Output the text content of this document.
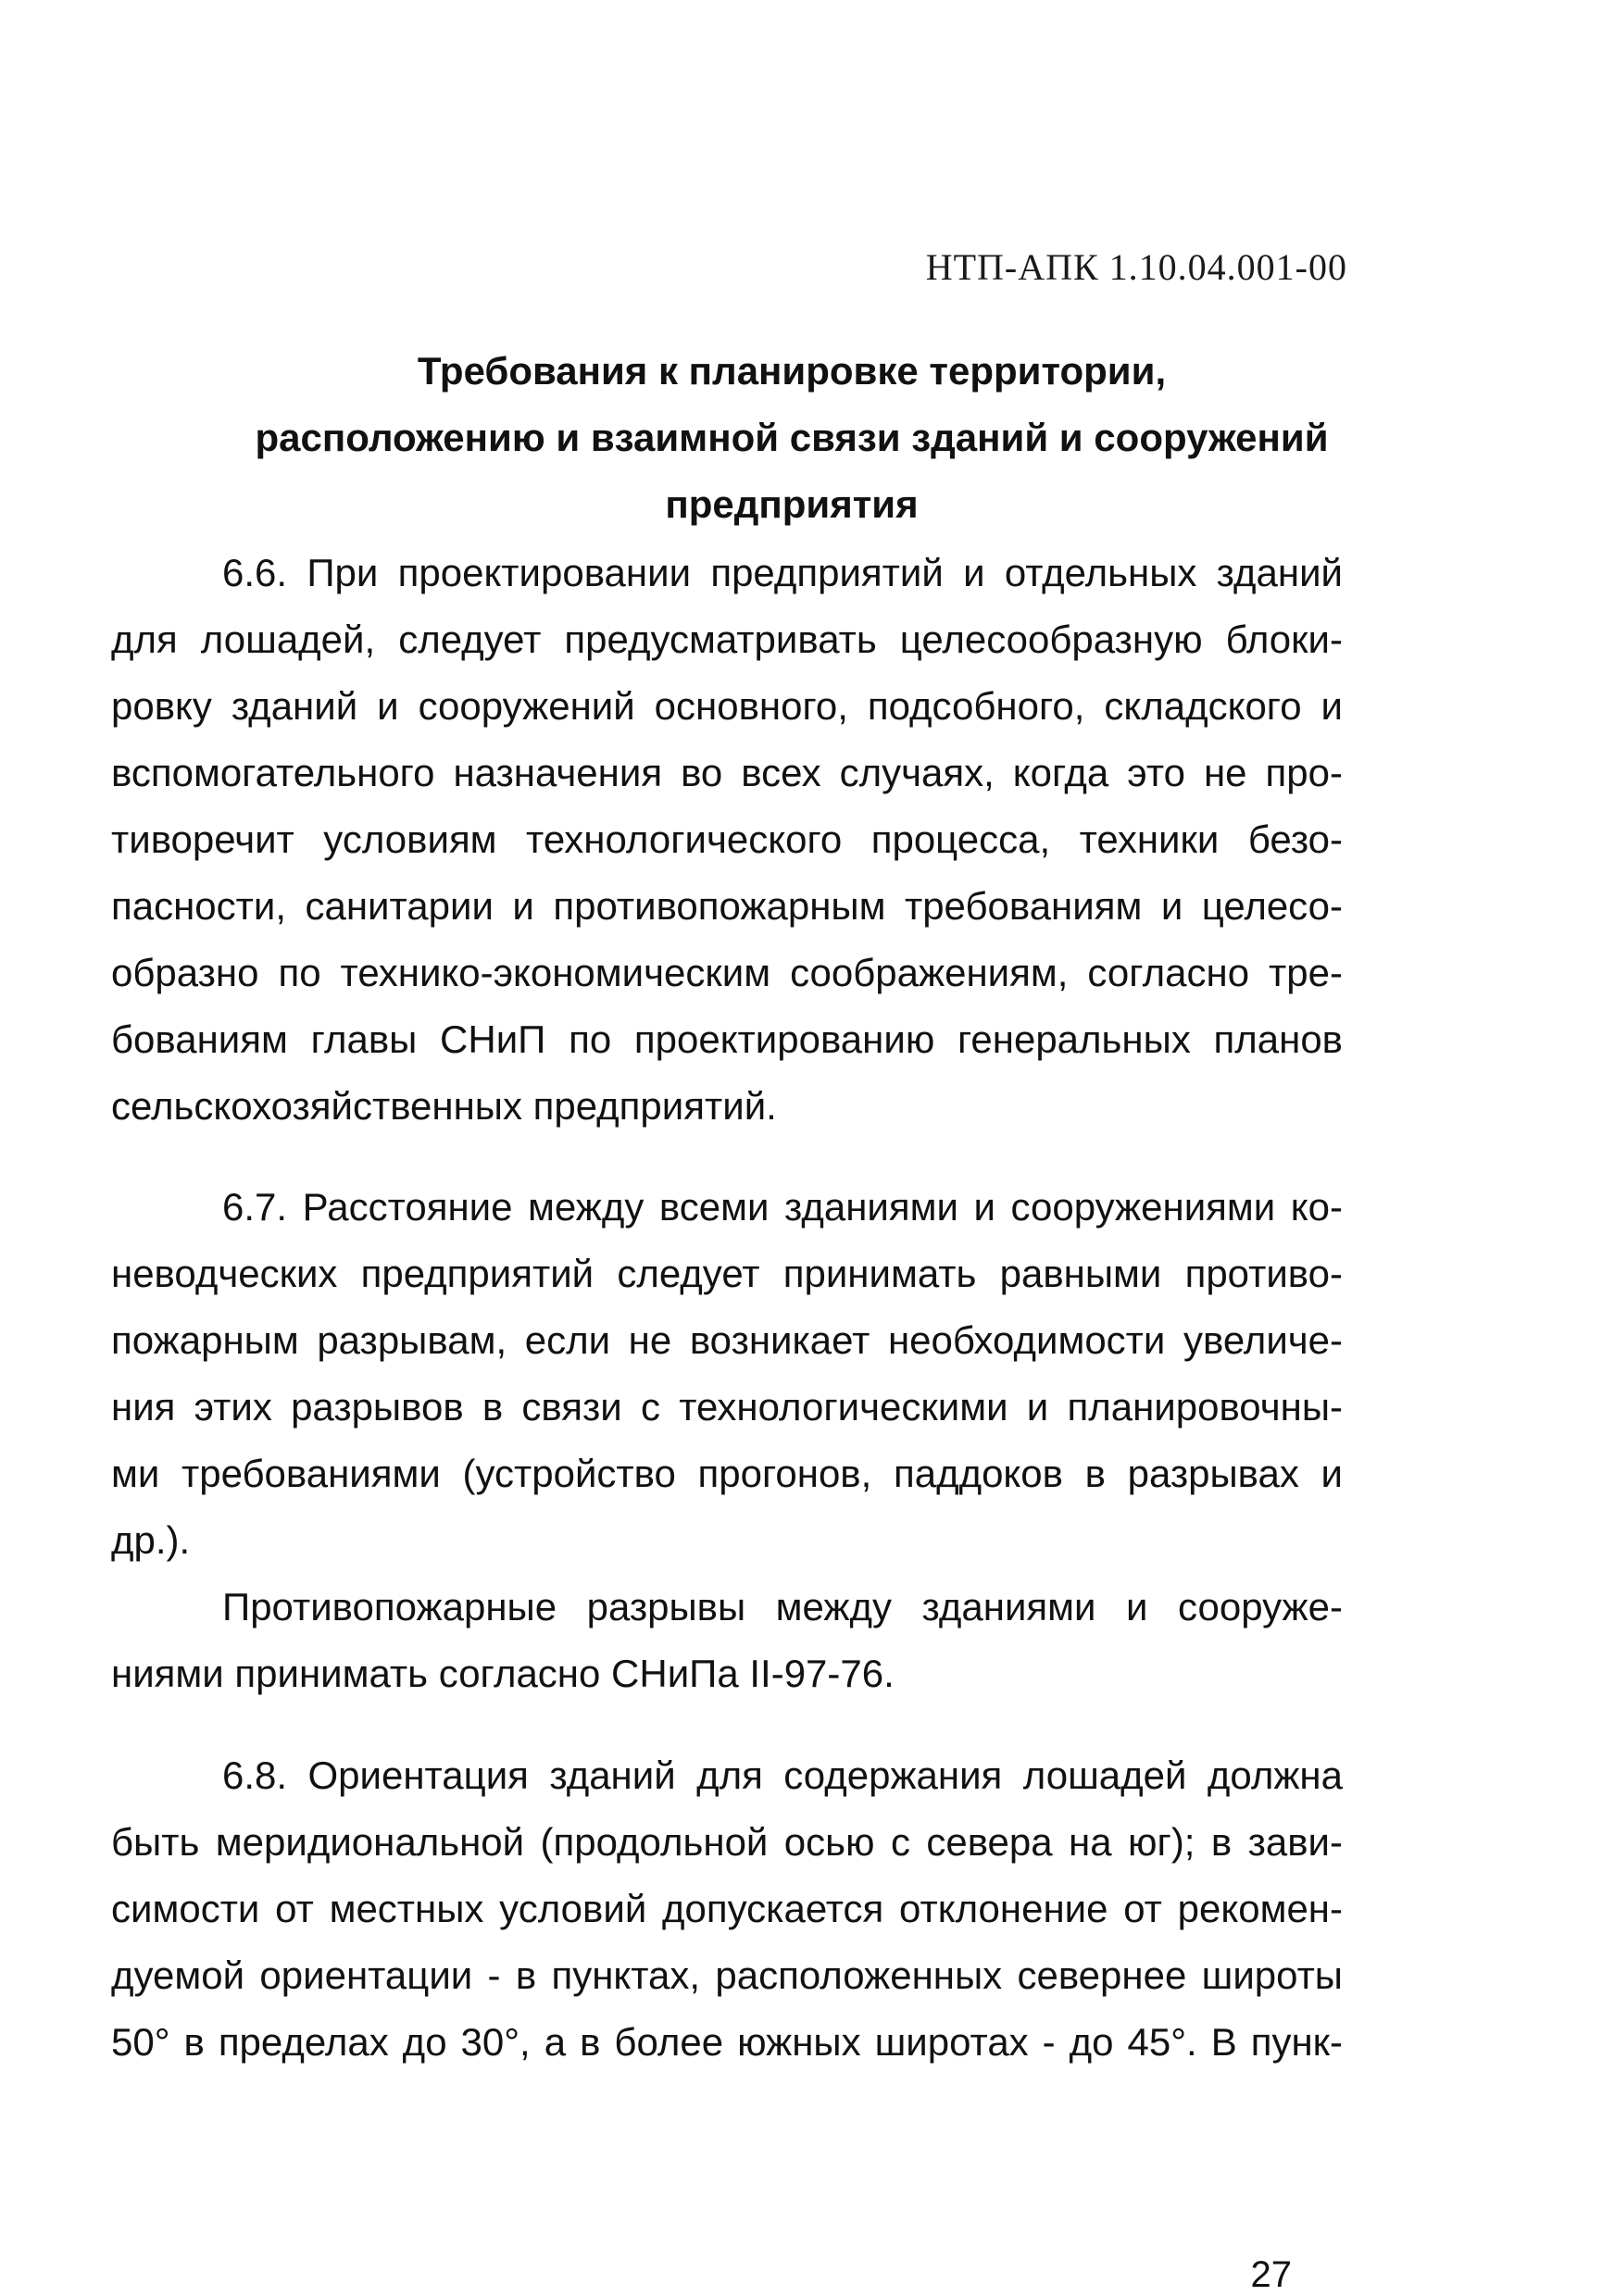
НТП-АПК 1.10.04.001-00
Требования к планировке территории,
расположению и взаимной связи зданий и сооружений
предприятия
6.6. При проектировании предприятий и отдельных зданий
для лошадей, следует предусматривать целесообразную блоки-
ровку зданий и сооружений основного, подсобного, складского и
вспомогательного назначения во всех случаях, когда это не про-
тиворечит условиям технологического процесса, техники безо-
пасности, санитарии и противопожарным требованиям и целесо-
образно по технико-экономическим соображениям, согласно тре-
бованиям главы СНиП по проектированию генеральных планов
сельскохозяйственных предприятий.
6.7. Расстояние между всеми зданиями и сооружениями ко-
неводческих предприятий следует принимать равными противо-
пожарным разрывам, если не возникает необходимости увеличе-
ния этих разрывов в связи с технологическими и планировочны-
ми требованиями (устройство прогонов, паддоков в разрывах и
др.).
Противопожарные разрывы между зданиями и сооруже-
ниями принимать согласно СНиПа II-97-76.
6.8. Ориентация зданий для содержания лошадей должна
быть меридиональной (продольной осью с севера на юг); в зави-
симости от местных условий допускается отклонение от рекомен-
дуемой ориентации - в пунктах, расположенных севернее широты
50° в пределах до 30°, а в более южных широтах - до 45°. В пунк-
27
